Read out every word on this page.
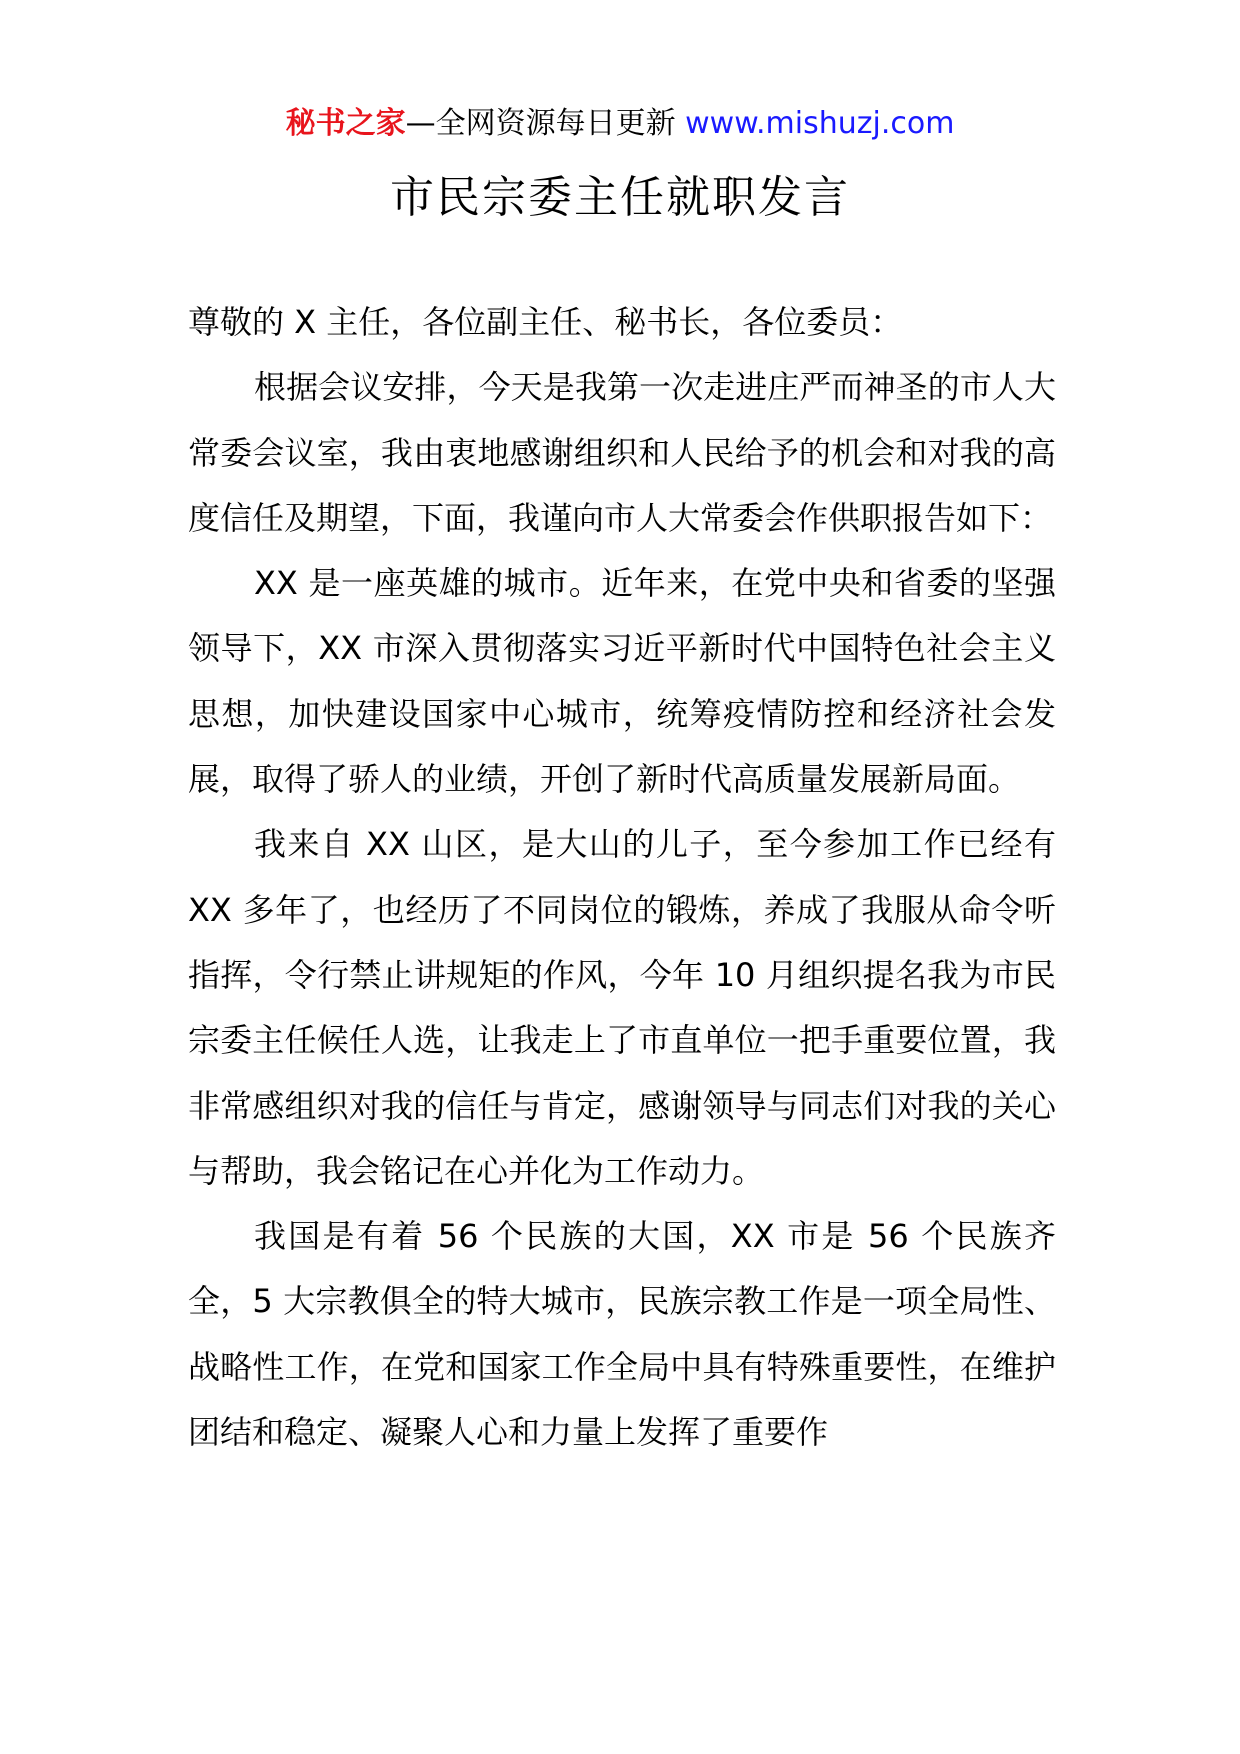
秘书之家—全网资源每日更新 www.mishuzj.com
市民宗委主任就职发言

尊敬的 X 主任，各位副主任、秘书长，各位委员：

根据会议安排，今天是我第一次走进庄严而神圣的市人大常委会议室，我由衷地感谢组织和人民给予的机会和对我的高度信任及期望，下面，我谨向市人大常委会作供职报告如下：

XX 是一座英雄的城市。近年来，在党中央和省委的坚强领导下，XX 市深入贯彻落实习近平新时代中国特色社会主义思想，加快建设国家中心城市，统筹疫情防控和经济社会发展，取得了骄人的业绩，开创了新时代高质量发展新局面。

我来自 XX 山区，是大山的儿子，至今参加工作已经有 XX 多年了，也经历了不同岗位的锻炼，养成了我服从命令听指挥，令行禁止讲规矩的作风，今年 10 月组织提名我为市民宗委主任候任人选，让我走上了市直单位一把手重要位置，我非常感组织对我的信任与肯定，感谢领导与同志们对我的关心与帮助，我会铭记在心并化为工作动力。

我国是有着 56 个民族的大国，XX 市是 56 个民族齐全，5 大宗教俱全的特大城市，民族宗教工作是一项全局性、战略性工作，在党和国家工作全局中具有特殊重要性，在维护团结和稳定、凝聚人心和力量上发挥了重要作
